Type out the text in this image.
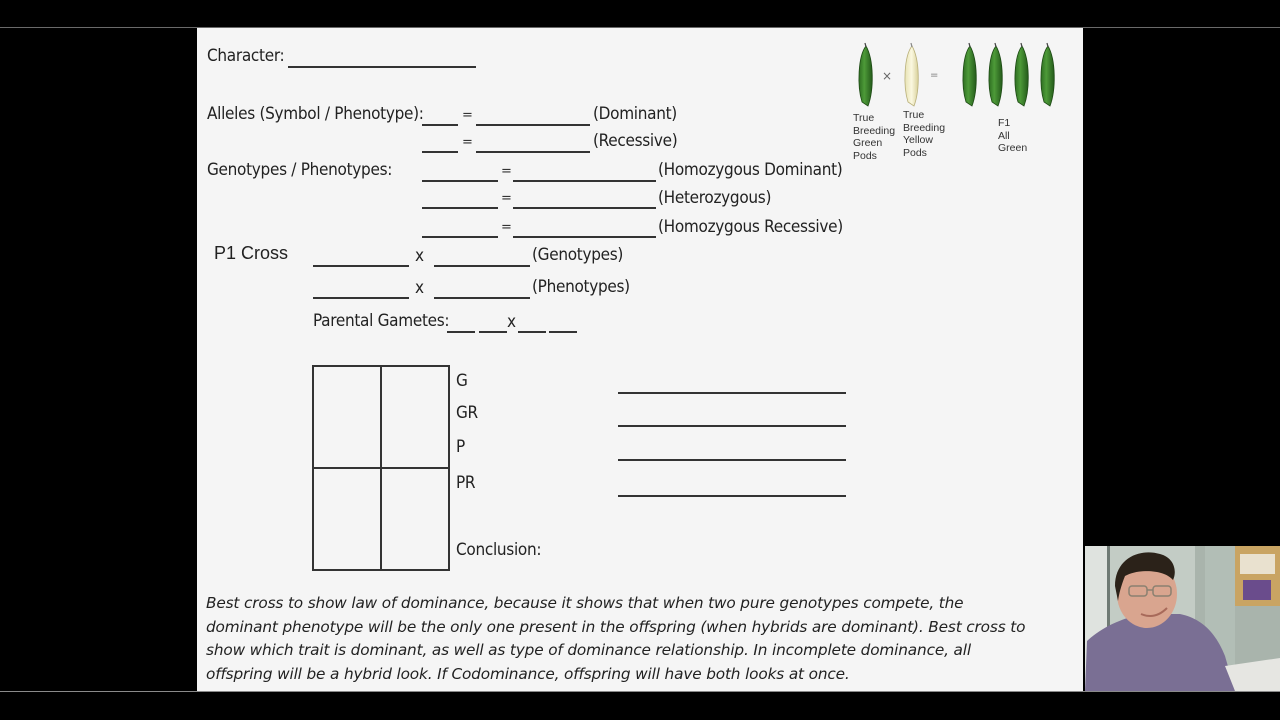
Character:
Alleles (Symbol / Phenotype):	=	(Dominant)
=	(Recessive)
Genotypes / Phenotypes:	=	(Homozygous Dominant)
=	(Heterozygous)
=	(Homozygous Recessive)
P1 Cross	x	(Genotypes)
x	(Phenotypes)
Parental Gametes:	x
G
GR
P
PR
Conclusion:
×	=
True
Breeding
Green
Pods
True
Breeding
Yellow
Pods
F1
All
Green
Best cross to show law of dominance, because it shows that when two pure genotypes compete, the
dominant phenotype will be the only one present in the offspring (when hybrids are dominant). Best cross to
show which trait is dominant, as well as type of dominance relationship. In incomplete dominance, all
offspring will be a hybrid look. If Codominance, offspring will have both looks at once.
